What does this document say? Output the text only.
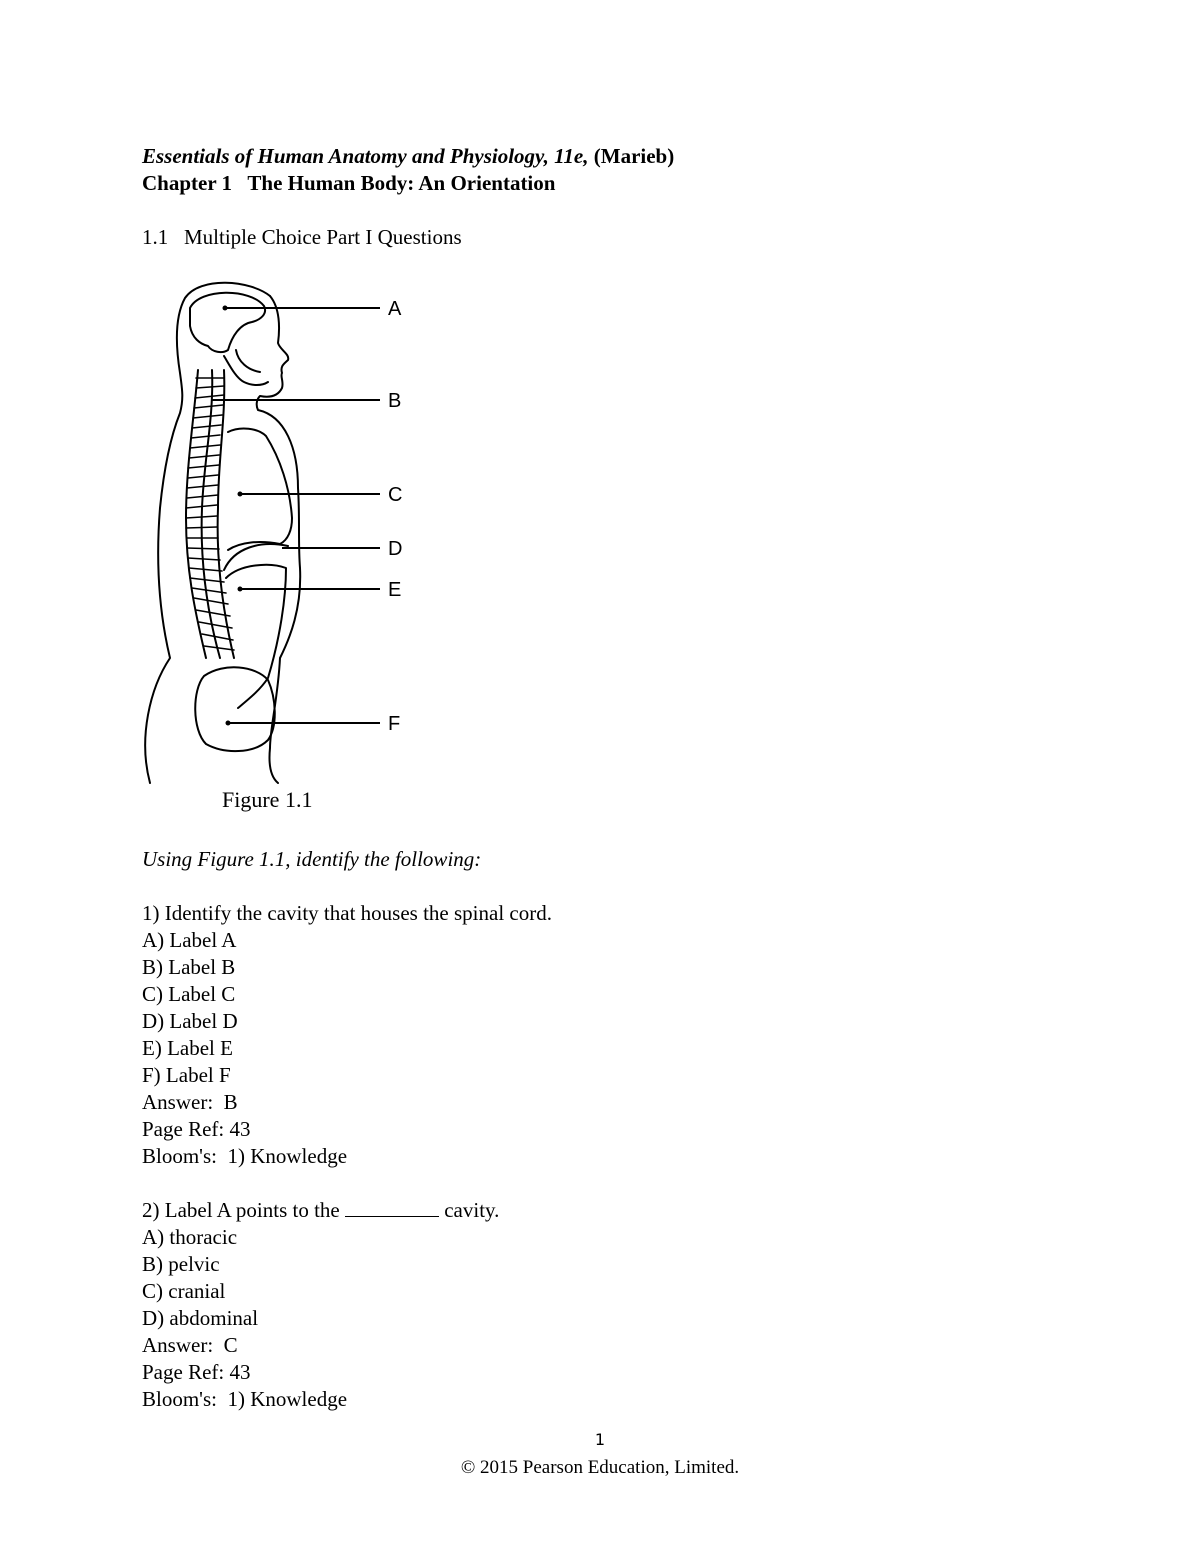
Essentials of Human Anatomy and Physiology, 11e, (Marieb)
Chapter 1   The Human Body: An Orientation
1.1   Multiple Choice Part I Questions
A
B
C
D
E
F
Figure 1.1
Using Figure 1.1, identify the following:
1) Identify the cavity that houses the spinal cord.
A) Label A
B) Label B
C) Label C
D) Label D
E) Label E
F) Label F
Answer:  B
Page Ref: 43
Bloom's:  1) Knowledge
2) Label A points to the	cavity.
A) thoracic
B) pelvic
C) cranial
D) abdominal
Answer:  C
Page Ref: 43
Bloom's:  1) Knowledge
1
© 2015 Pearson Education, Limited.
